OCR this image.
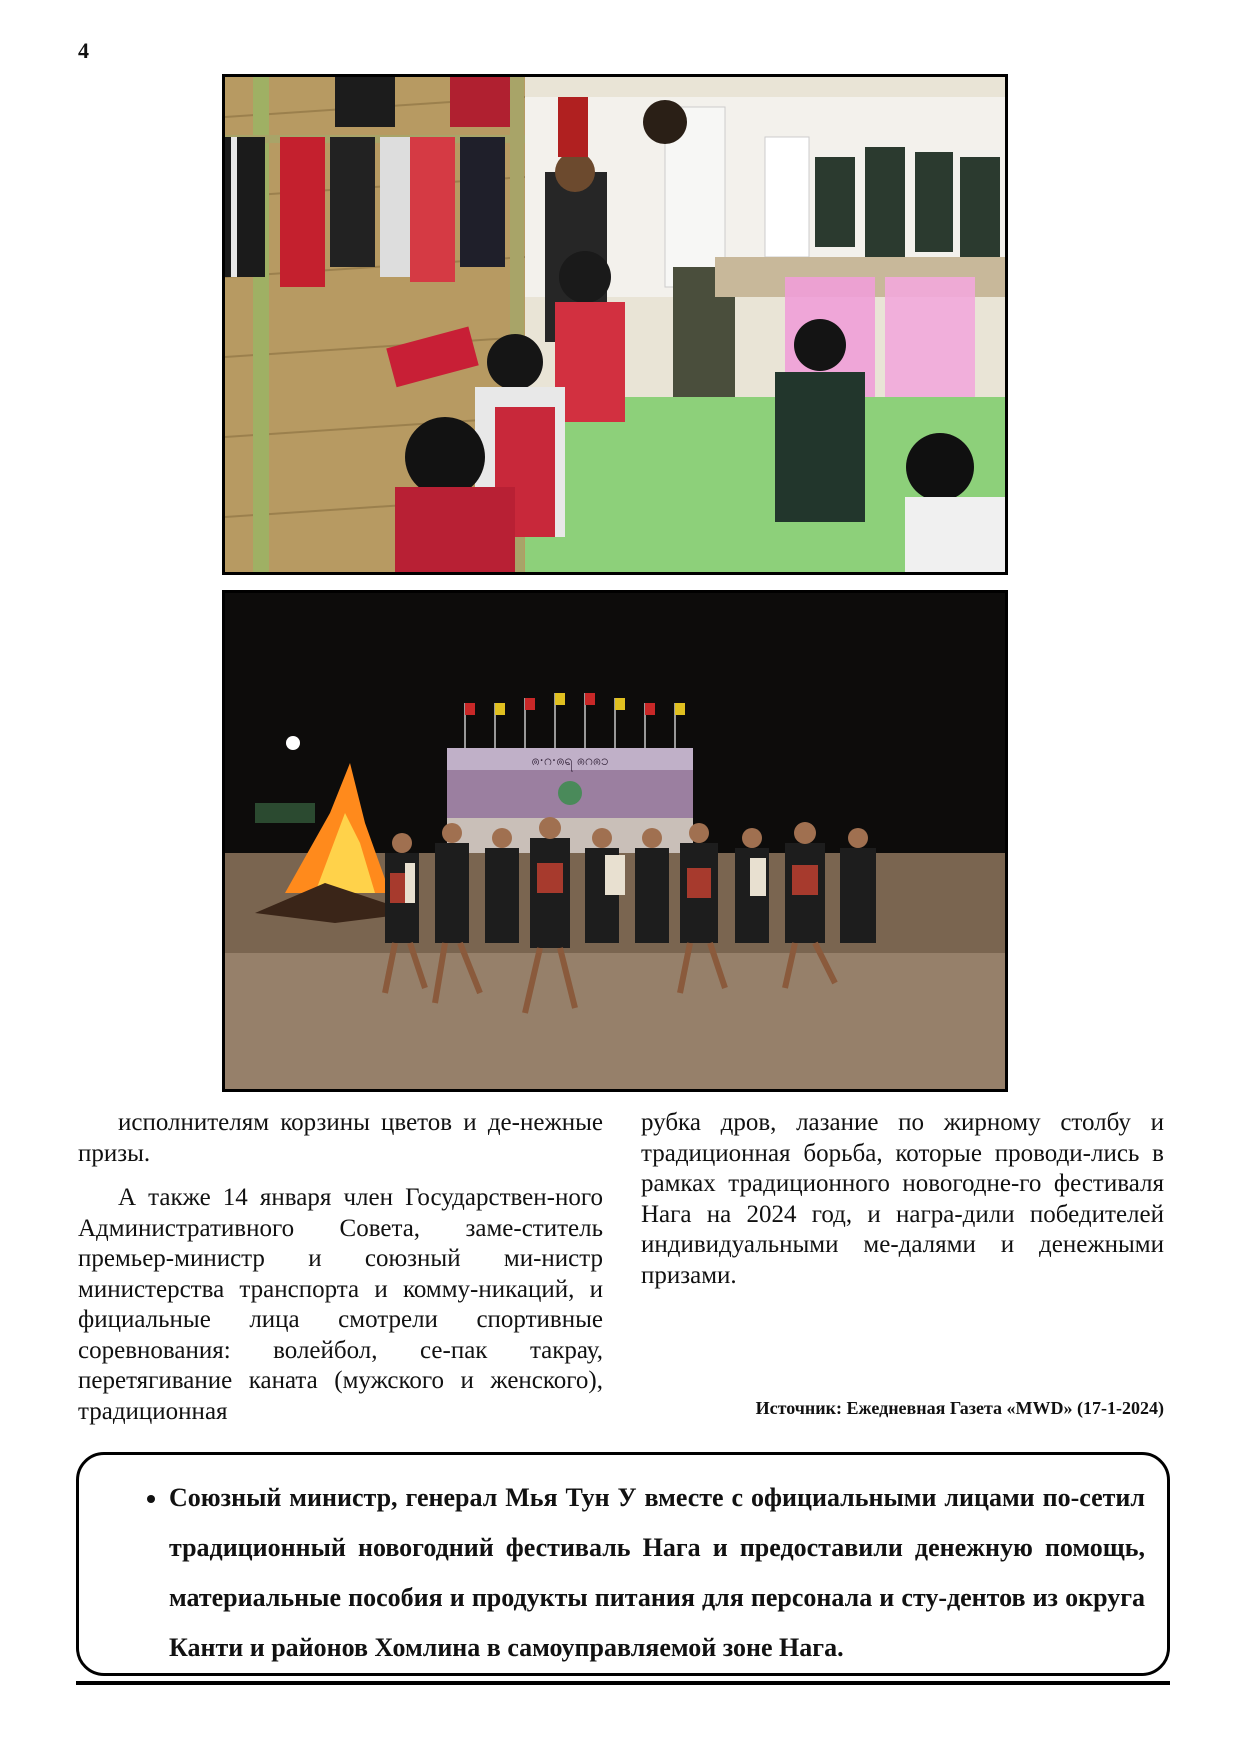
4
ၐ·ဂ·ၐရ ၐဂၐ၁

исполнителям корзины цветов и де-нежные призы.

А также 14 января член Государствен-ного Административного Совета, заме-ститель премьер-министр и союзный ми-нистр министерства транспорта и комму-никаций, и фициальные лица смотрели спортивные соревнования: волейбол, се-пак такрау, перетягивание каната (мужского и женского), традиционная

рубка дров, лазание по жирному столбу и традиционная борьба, которые проводи-лись в рамках традиционного новогодне-го фестиваля Нага на 2024 год, и награ-дили победителей индивидуальными ме-далями и денежными призами.

Источник: Ежедневная Газета «MWD» (17-1-2024)
• Союзный министр, генерал Мья Тун У вместе с официальными лицами по-сетил традиционный новогодний фестиваль Нага и предоставили денежную помощь, материальные пособия и продукты питания для персонала и сту-дентов из округа Канти и районов Хомлина в самоуправляемой зоне Нага.
